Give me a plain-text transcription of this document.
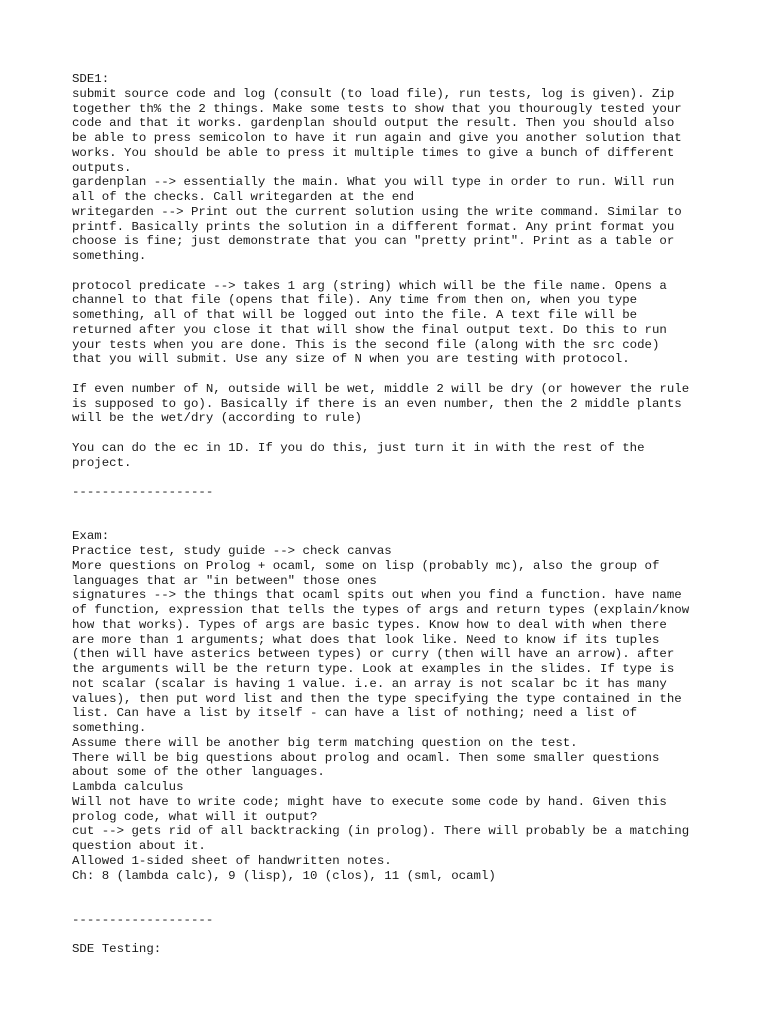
SDE1:
submit source code and log (consult (to load file), run tests, log is given). Zip
together th% the 2 things. Make some tests to show that you thourougly tested your
code and that it works. gardenplan should output the result. Then you should also
be able to press semicolon to have it run again and give you another solution that
works. You should be able to press it multiple times to give a bunch of different
outputs.
gardenplan --> essentially the main. What you will type in order to run. Will run
all of the checks. Call writegarden at the end
writegarden --> Print out the current solution using the write command. Similar to
printf. Basically prints the solution in a different format. Any print format you
choose is fine; just demonstrate that you can "pretty print". Print as a table or
something.
protocol predicate --> takes 1 arg (string) which will be the file name. Opens a
channel to that file (opens that file). Any time from then on, when you type
something, all of that will be logged out into the file. A text file will be
returned after you close it that will show the final output text. Do this to run
your tests when you are done. This is the second file (along with the src code)
that you will submit. Use any size of N when you are testing with protocol.
If even number of N, outside will be wet, middle 2 will be dry (or however the rule
is supposed to go). Basically if there is an even number, then the 2 middle plants
will be the wet/dry (according to rule)
You can do the ec in 1D. If you do this, just turn it in with the rest of the
project.
-------------------
Exam:
Practice test, study guide --> check canvas
More questions on Prolog + ocaml, some on lisp (probably mc), also the group of
languages that ar "in between" those ones
signatures --> the things that ocaml spits out when you find a function. have name
of function, expression that tells the types of args and return types (explain/know
how that works). Types of args are basic types. Know how to deal with when there
are more than 1 arguments; what does that look like. Need to know if its tuples
(then will have asterics between types) or curry (then will have an arrow). after
the arguments will be the return type. Look at examples in the slides. If type is
not scalar (scalar is having 1 value. i.e. an array is not scalar bc it has many
values), then put word list and then the type specifying the type contained in the
list. Can have a list by itself - can have a list of nothing; need a list of
something.
Assume there will be another big term matching question on the test.
There will be big questions about prolog and ocaml. Then some smaller questions
about some of the other languages.
Lambda calculus
Will not have to write code; might have to execute some code by hand. Given this
prolog code, what will it output?
cut --> gets rid of all backtracking (in prolog). There will probably be a matching
question about it.
Allowed 1-sided sheet of handwritten notes.
Ch: 8 (lambda calc), 9 (lisp), 10 (clos), 11 (sml, ocaml)
-------------------
SDE Testing:
